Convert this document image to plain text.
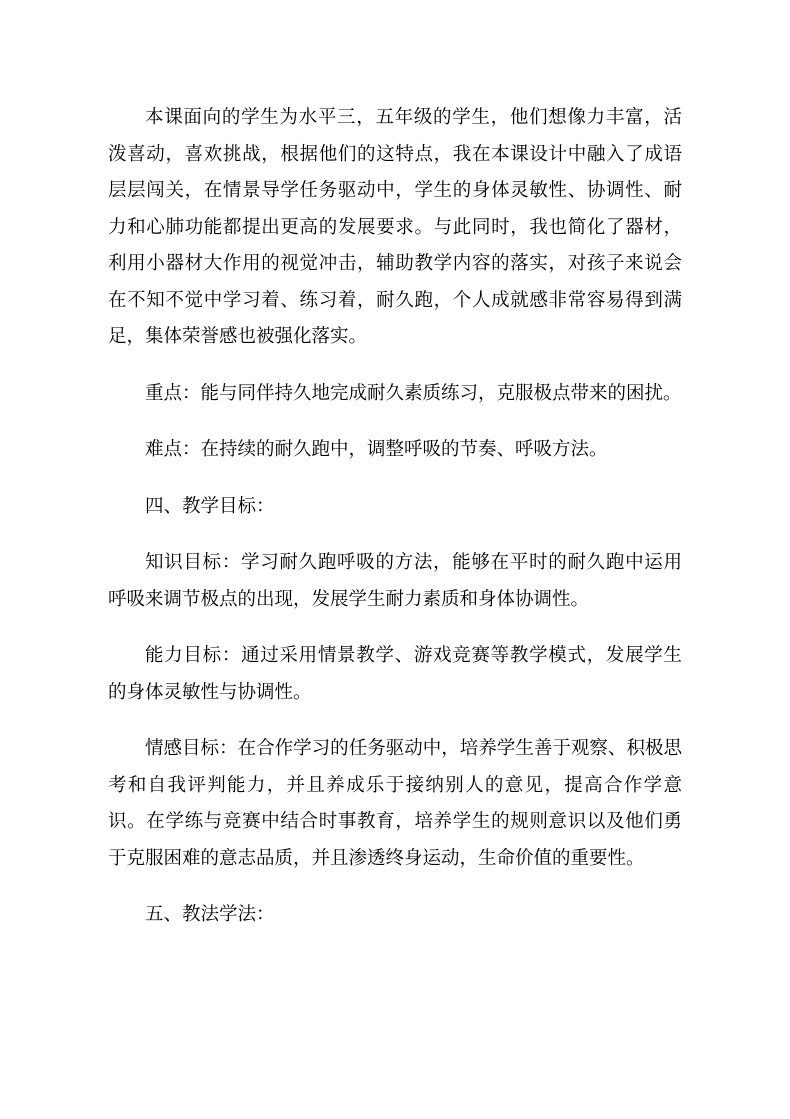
本课面向的学生为水平三，五年级的学生，他们想像力丰富，活
泼喜动，喜欢挑战，根据他们的这特点，我在本课设计中融入了成语
层层闯关，在情景导学任务驱动中，学生的身体灵敏性、协调性、耐
力和心肺功能都提出更高的发展要求。与此同时，我也简化了器材，
利用小器材大作用的视觉冲击，辅助教学内容的落实，对孩子来说会
在不知不觉中学习着、练习着，耐久跑，个人成就感非常容易得到满
足，集体荣誉感也被强化落实。
重点：能与同伴持久地完成耐久素质练习，克服极点带来的困扰。
难点：在持续的耐久跑中，调整呼吸的节奏、呼吸方法。
四、教学目标：
知识目标：学习耐久跑呼吸的方法，能够在平时的耐久跑中运用
呼吸来调节极点的出现，发展学生耐力素质和身体协调性。
能力目标：通过采用情景教学、游戏竞赛等教学模式，发展学生
的身体灵敏性与协调性。
情感目标：在合作学习的任务驱动中，培养学生善于观察、积极思
考和自我评判能力，并且养成乐于接纳别人的意见，提高合作学意
识。在学练与竞赛中结合时事教育，培养学生的规则意识以及他们勇
于克服困难的意志品质，并且渗透终身运动，生命价值的重要性。
五、教法学法：
